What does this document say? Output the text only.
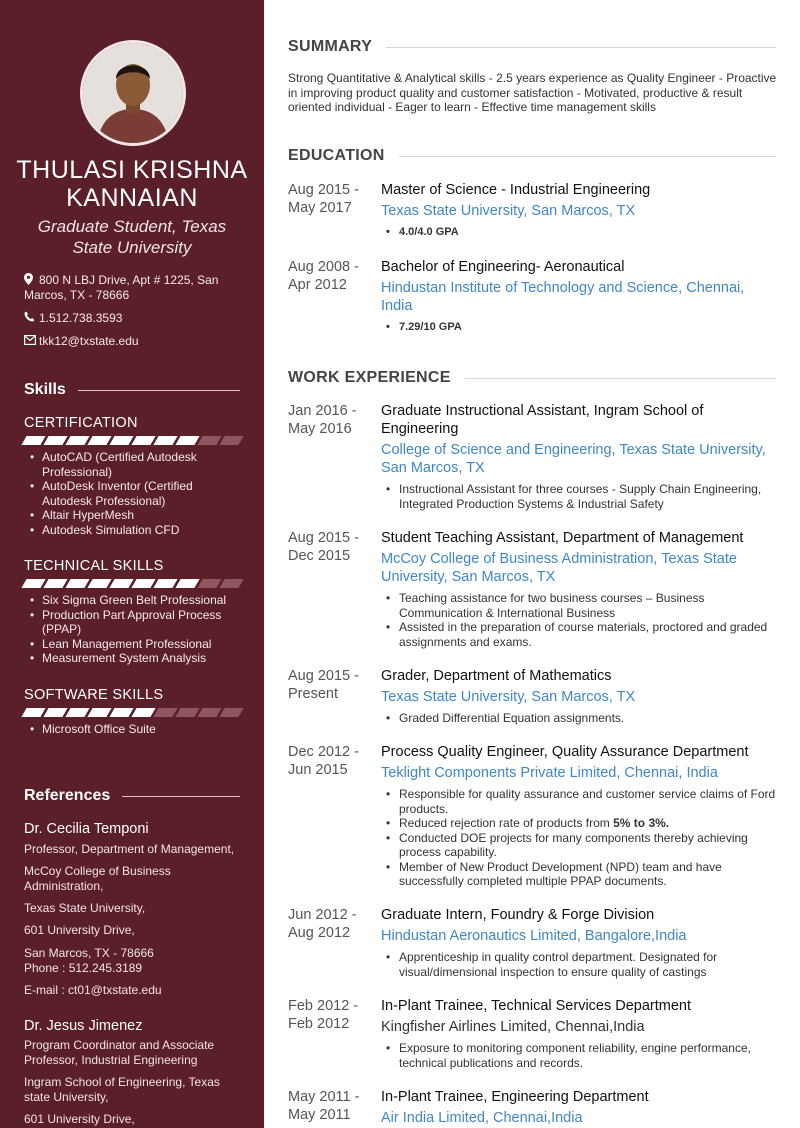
THULASI KRISHNA
KANNAIAN
Graduate Student, Texas
State University
800 N LBJ Drive, Apt # 1225, San
Marcos, TX - 78666
1.512.738.3593
tkk12@txstate.edu
Skills
CERTIFICATION
• AutoCAD (Certified Autodesk Professional)
• AutoDesk Inventor (Certified Autodesk Professional)
• Altair HyperMesh
• Autodesk Simulation CFD
TECHNICAL SKILLS
• Six Sigma Green Belt Professional
• Production Part Approval Process (PPAP)
• Lean Management Professional
• Measurement System Analysis
SOFTWARE SKILLS
• Microsoft Office Suite
References
Dr. Cecilia Temponi
Professor, Department of Management,
McCoy College of Business Administration,
Texas State University,
601 University Drive,
San Marcos, TX - 78666 Phone : 512.245.3189
E-mail : ct01@txstate.edu
Dr. Jesus Jimenez
Program Coordinator and Associate Professor, Industrial Engineering
Ingram School of Engineering, Texas state University,
601 University Drive,
SUMMARY
Strong Quantitative & Analytical skills - 2.5 years experience as Quality Engineer - Proactive in improving product quality and customer satisfaction - Motivated, productive & result oriented individual - Eager to learn - Effective time management skills
EDUCATION
Aug 2015 -
May 2017
Master of Science - Industrial Engineering
Texas State University, San Marcos, TX
• 4.0/4.0 GPA
Aug 2008 -
Apr 2012
Bachelor of Engineering- Aeronautical
Hindustan Institute of Technology and Science, Chennai, India
• 7.29/10 GPA
WORK EXPERIENCE
Jan 2016 -
May 2016
Graduate Instructional Assistant, Ingram School of Engineering
College of Science and Engineering, Texas State University, San Marcos, TX
• Instructional Assistant for three courses - Supply Chain Engineering, Integrated Production Systems & Industrial Safety
Aug 2015 -
Dec 2015
Student Teaching Assistant, Department of Management
McCoy College of Business Administration, Texas State University, San Marcos, TX
• Teaching assistance for two business courses – Business Communication & International Business
• Assisted in the preparation of course materials, proctored and graded assignments and exams.
Aug 2015 -
Present
Grader, Department of Mathematics
Texas State University, San Marcos, TX
• Graded Differential Equation assignments.
Dec 2012 -
Jun 2015
Process Quality Engineer, Quality Assurance Department
Teklight Components Private Limited, Chennai, India
• Responsible for quality assurance and customer service claims of Ford products.
• Reduced rejection rate of products from 5% to 3%.
• Conducted DOE projects for many components thereby achieving process capability.
• Member of New Product Development (NPD) team and have successfully completed multiple PPAP documents.
Jun 2012 -
Aug 2012
Graduate Intern, Foundry & Forge Division
Hindustan Aeronautics Limited, Bangalore,India
• Apprenticeship in quality control department. Designated for visual/dimensional inspection to ensure quality of castings
Feb 2012 -
Feb 2012
In-Plant Trainee, Technical Services Department
Kingfisher Airlines Limited, Chennai,India
• Exposure to monitoring component reliability, engine performance, technical publications and records.
May 2011 -
May 2011
In-Plant Trainee, Engineering Department
Air India Limited, Chennai,India
